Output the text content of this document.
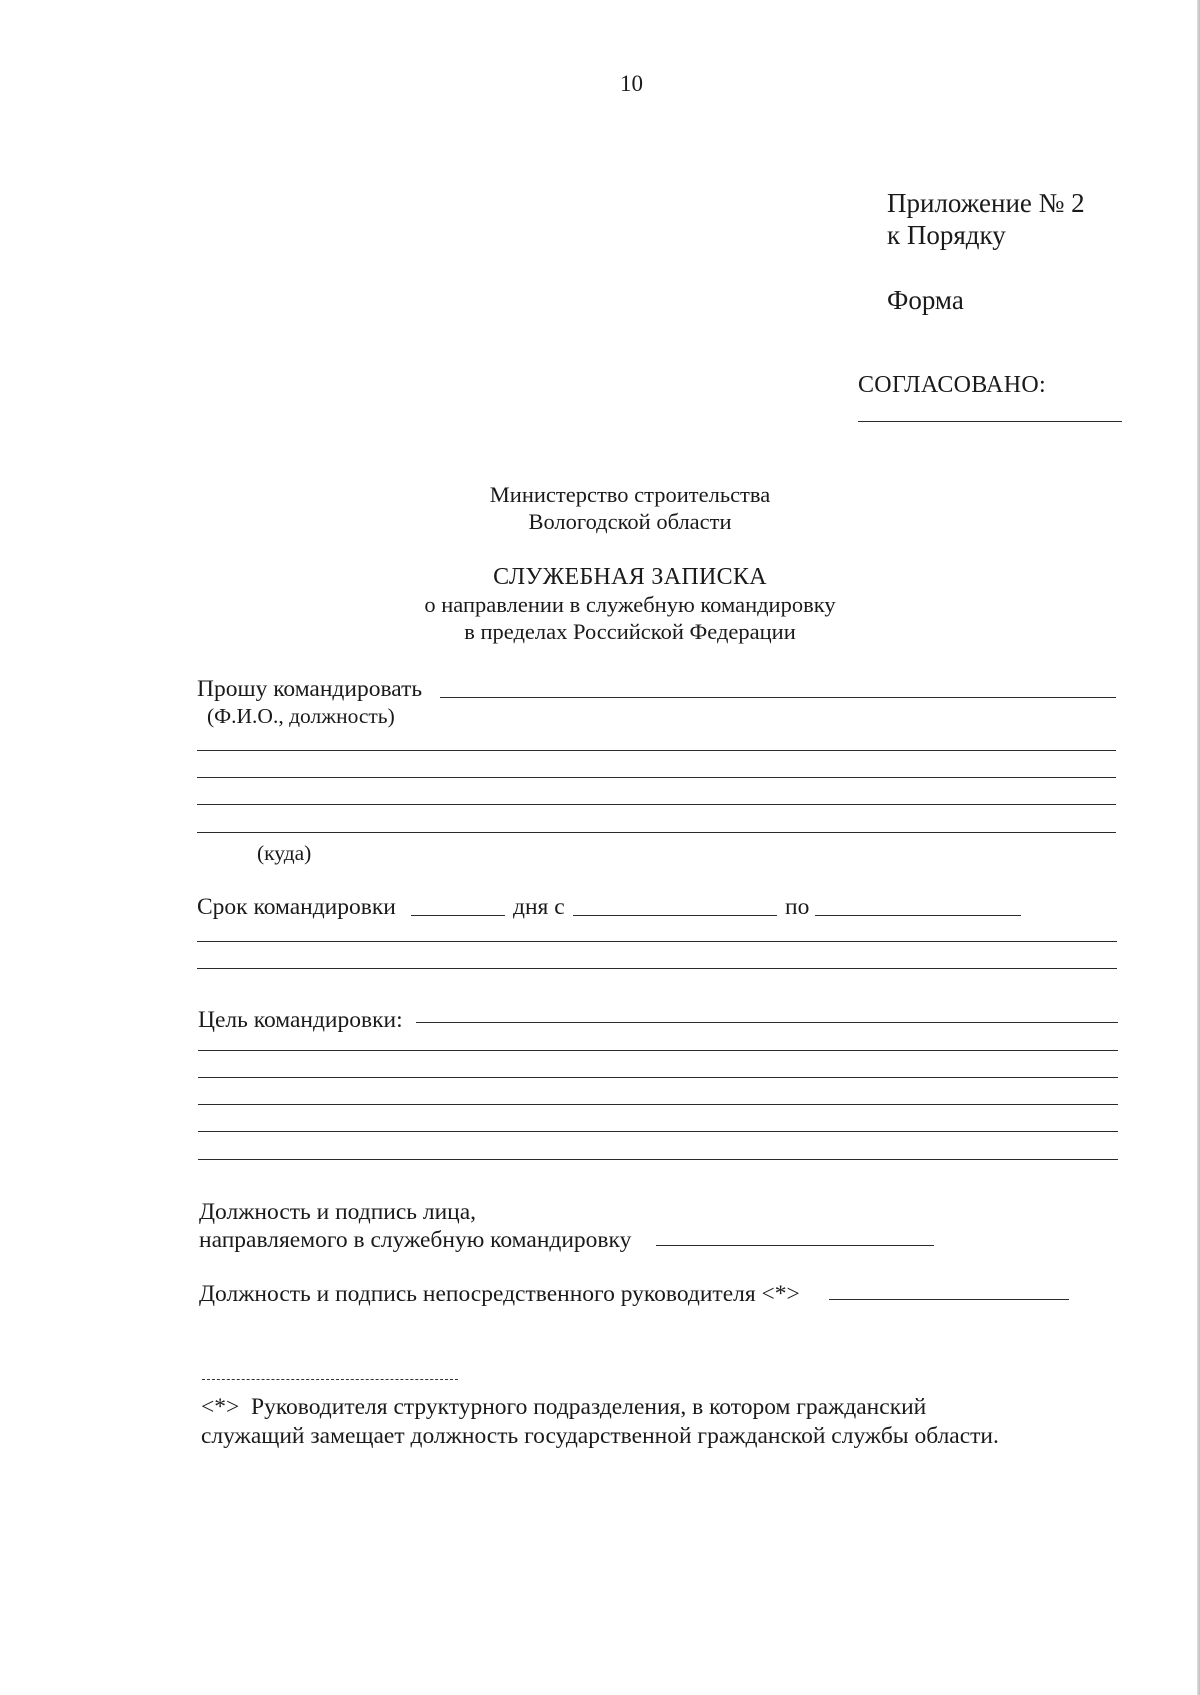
10
Приложение № 2
к Порядку
Форма
СОГЛАСОВАНО:
Министерство строительства
Вологодской области
СЛУЖЕБНАЯ ЗАПИСКА
о направлении в служебную командировку
в пределах Российской Федерации
Прошу командировать
(Ф.И.О., должность)
(куда)
Срок командировки	дня с	по
Цель командировки:
Должность и подпись лица,
направляемого в служебную командировку
Должность и подпись непосредственного руководителя <*>
<*> Руководителя структурного подразделения, в котором гражданский
служащий замещает должность государственной гражданской службы области.
